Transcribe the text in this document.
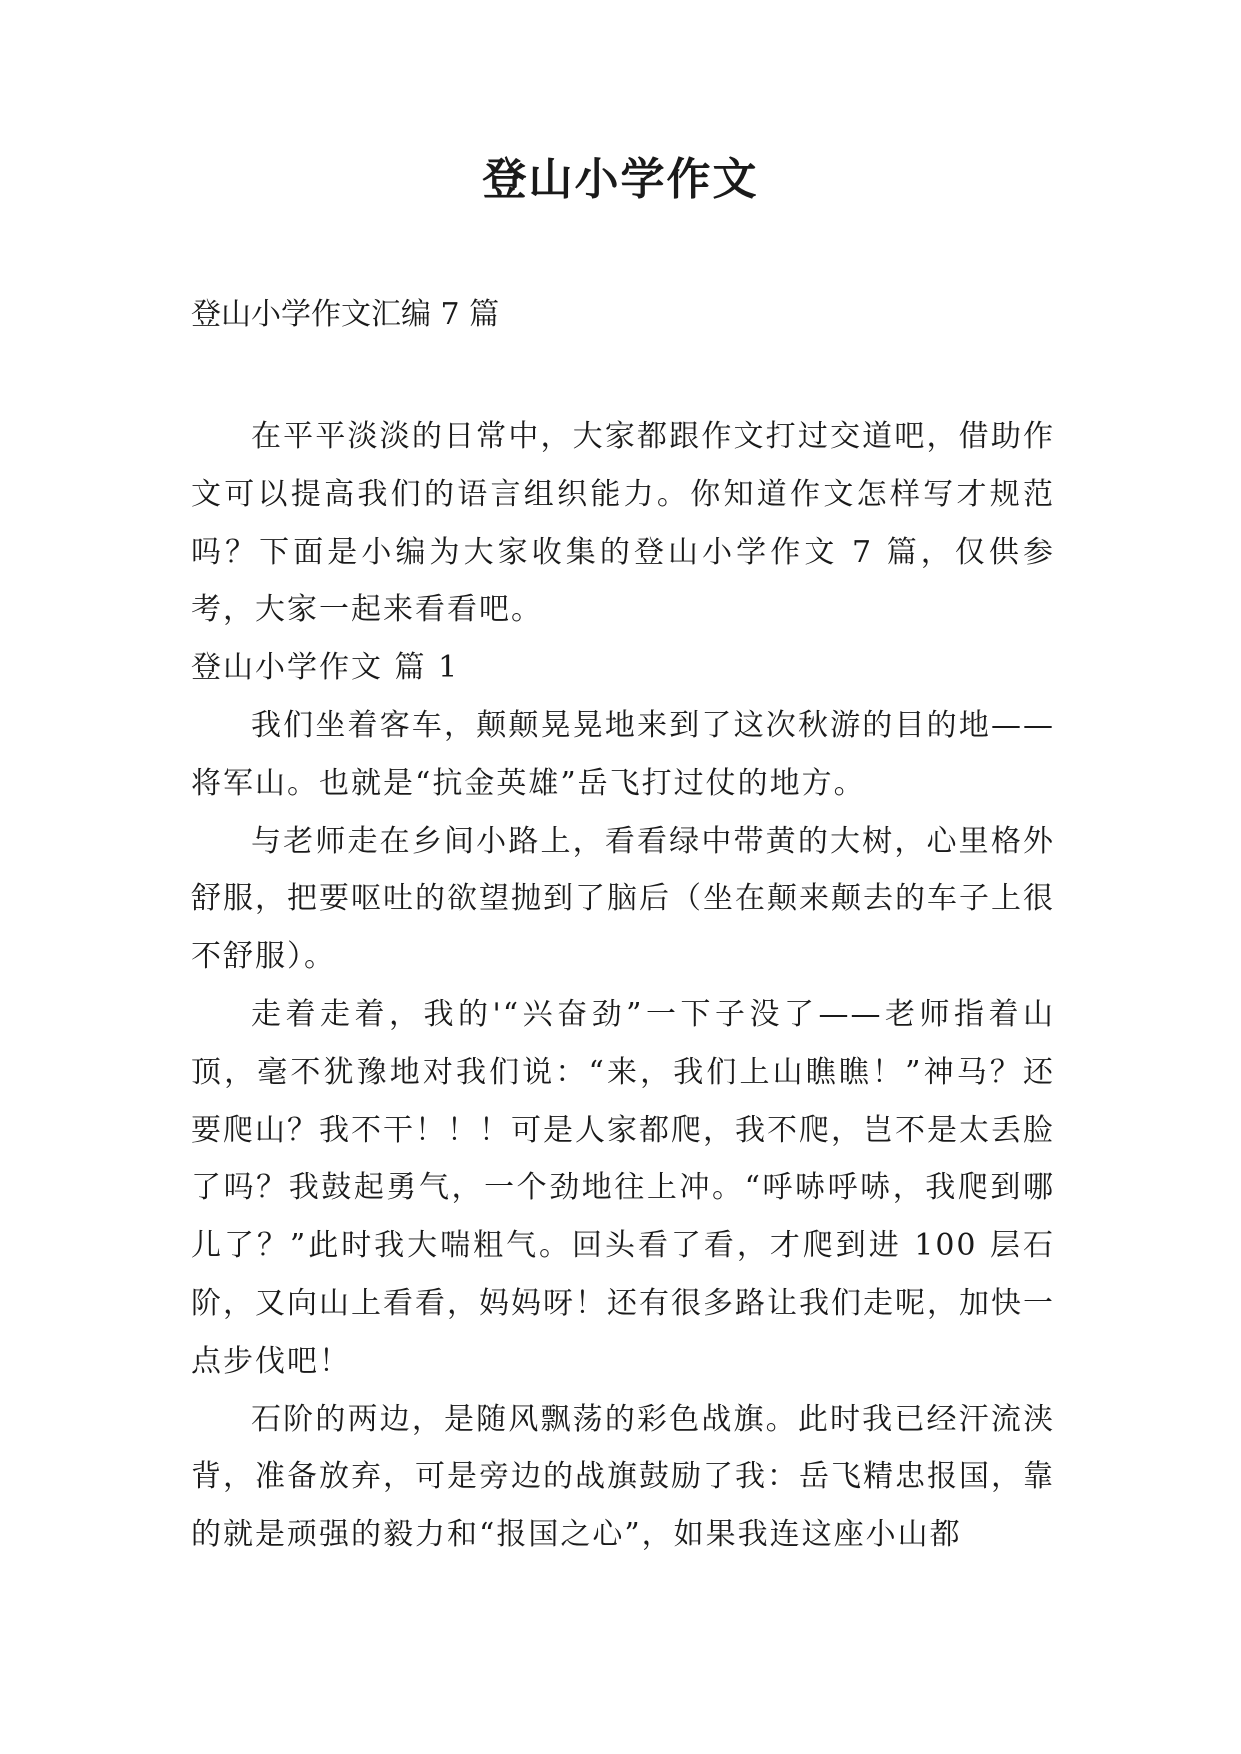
登山小学作文

登山小学作文汇编 7 篇

在平平淡淡的日常中，大家都跟作文打过交道吧，借助作文可以提高我们的语言组织能力。你知道作文怎样写才规范吗？下面是小编为大家收集的登山小学作文 7 篇，仅供参考，大家一起来看看吧。

登山小学作文 篇 1

我们坐着客车，颠颠晃晃地来到了这次秋游的目的地——将军山。也就是“抗金英雄”岳飞打过仗的地方。

与老师走在乡间小路上，看看绿中带黄的大树，心里格外舒服，把要呕吐的欲望抛到了脑后（坐在颠来颠去的车子上很不舒服）。

走着走着，我的'“兴奋劲”一下子没了——老师指着山顶，毫不犹豫地对我们说：“来，我们上山瞧瞧！”神马？还要爬山？我不干！！！可是人家都爬，我不爬，岂不是太丢脸了吗？我鼓起勇气，一个劲地往上冲。“呼哧呼哧，我爬到哪儿了？”此时我大喘粗气。回头看了看，才爬到进 100 层石阶，又向山上看看，妈妈呀！还有很多路让我们走呢，加快一点步伐吧！

石阶的两边，是随风飘荡的彩色战旗。此时我已经汗流浃背，准备放弃，可是旁边的战旗鼓励了我：岳飞精忠报国，靠的就是顽强的毅力和“报国之心”，如果我连这座小山都
